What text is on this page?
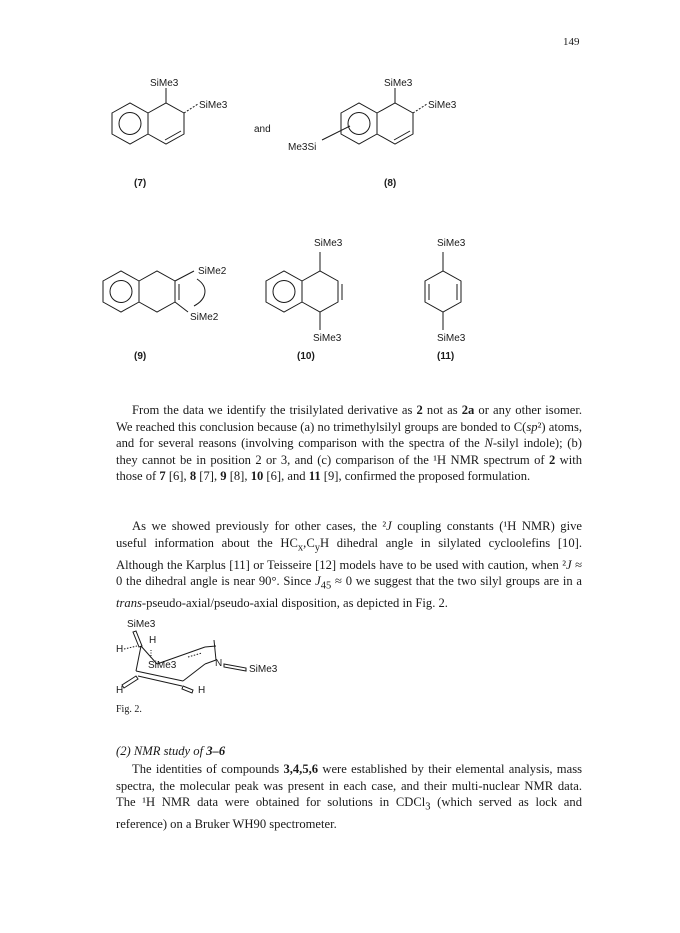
149
SiMe3
SiMe3
(7)
and
SiMe3
SiMe3
Me3Si
(8)
SiMe2
SiMe2
(9)
SiMe3
SiMe3
(10)
SiMe3
SiMe3
(11)
SiMe3
H
H
SiMe3	N
SiMe3
H	H

From the data we identify the trisilylated derivative as 2 not as 2a or any other isomer. We reached this conclusion because (a) no trimethylsilyl groups are bonded to C(sp²) atoms, and for several reasons (involving comparison with the spectra of the N-silyl indole); (b) they cannot be in position 2 or 3, and (c) comparison of the ¹H NMR spectrum of 2 with those of 7 [6], 8 [7], 9 [8], 10 [6], and 11 [9], confirmed the proposed formulation.

As we showed previously for other cases, the ²J coupling constants (¹H NMR) give useful information about the $HC_x,C_yH$ dihedral angle in silylated cycloolefins [10]. Although the Karplus [11] or Teisseire [12] models have to be used with caution, when ²J ≈ 0 the dihedral angle is near 90°. Since $J_{45} \approx 0$ we suggest that the two silyl groups are in a trans-pseudo-axial/pseudo-axial disposition, as depicted in Fig. 2.

Fig. 2.
(2) NMR study of 3–6

The identities of compounds 3,4,5,6 were established by their elemental analysis, mass spectra, the molecular peak was present in each case, and their multi-nuclear NMR data. The ¹H NMR data were obtained for solutions in CDCl$_3$ (which served as lock and reference) on a Bruker WH90 spectrometer.
